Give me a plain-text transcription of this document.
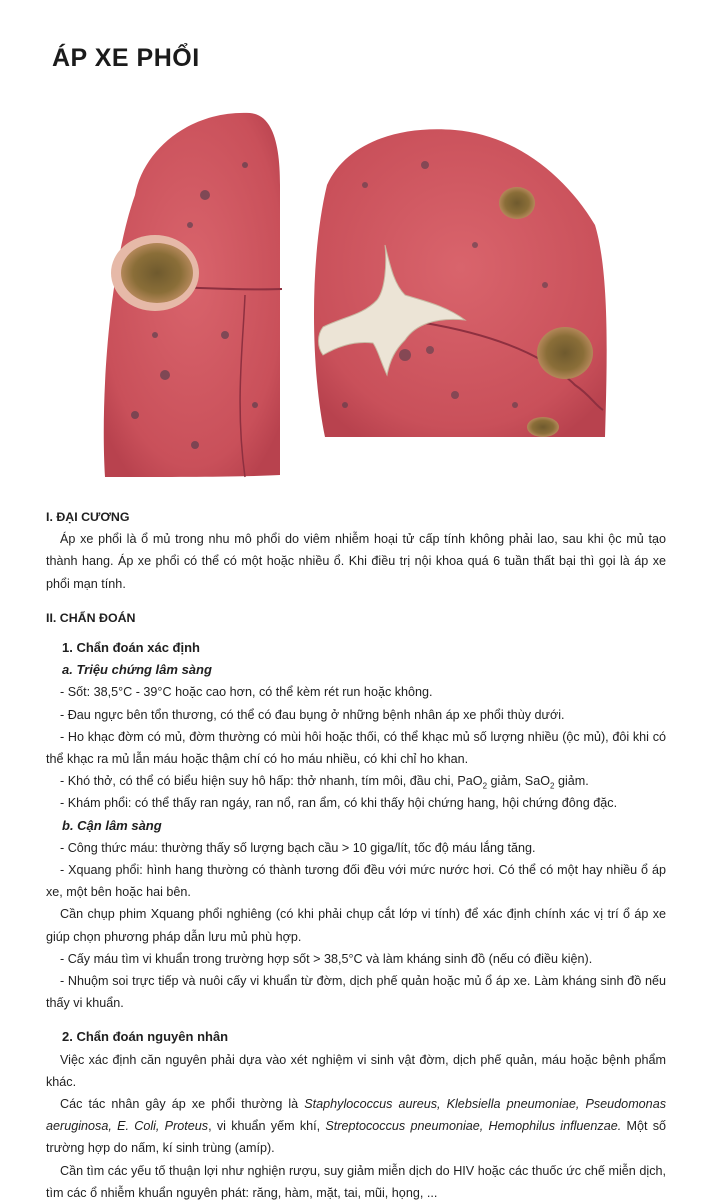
ÁP XE PHỔI

I. ĐẠI CƯƠNG

Áp xe phổi là ổ mủ trong nhu mô phổi do viêm nhiễm hoại tử cấp tính không phải lao, sau khi ộc mủ tạo thành hang. Áp xe phổi có thể có một hoặc nhiều ổ. Khi điều trị nội khoa quá 6 tuần thất bại thì gọi là áp xe phổi mạn tính.

II. CHẨN ĐOÁN

1. Chẩn đoán xác định

a. Triệu chứng lâm sàng

- Sốt: 38,5°C - 39°C hoặc cao hơn, có thể kèm rét run hoặc không.

- Đau ngực bên tổn thương, có thể có đau bụng ở những bệnh nhân áp xe phổi thùy dưới.

- Ho khạc đờm có mủ, đờm thường có mùi hôi hoặc thối, có thể khạc mủ số lượng nhiều (ộc mủ), đôi khi có thể khạc ra mủ lẫn máu hoặc thậm chí có ho máu nhiều, có khi chỉ ho khan.

- Khó thở, có thể có biểu hiện suy hô hấp: thở nhanh, tím môi, đầu chi, PaO$_2$ giảm, SaO$_2$ giảm.

- Khám phổi: có thể thấy ran ngáy, ran nổ, ran ẩm, có khi thấy hội chứng hang, hội chứng đông đặc.

b. Cận lâm sàng

- Công thức máu: thường thấy số lượng bạch cầu > 10 giga/lít, tốc độ máu lắng tăng.

- Xquang phổi: hình hang thường có thành tương đối đều với mức nước hơi. Có thể có một hay nhiều ổ áp xe, một bên hoặc hai bên.

Cần chụp phim Xquang phổi nghiêng (có khi phải chụp cắt lớp vi tính) để xác định chính xác vị trí ổ áp xe giúp chọn phương pháp dẫn lưu mủ phù hợp.

- Cấy máu tìm vi khuẩn trong trường hợp sốt > 38,5°C và làm kháng sinh đồ (nếu có điều kiện).

- Nhuộm soi trực tiếp và nuôi cấy vi khuẩn từ đờm, dịch phế quản hoặc mủ ổ áp xe. Làm kháng sinh đồ nếu thấy vi khuẩn.

2. Chẩn đoán nguyên nhân

Việc xác định căn nguyên phải dựa vào xét nghiệm vi sinh vật đờm, dịch phế quản, máu hoặc bệnh phẩm khác.

Các tác nhân gây áp xe phổi thường là Staphylococcus aureus, Klebsiella pneumoniae, Pseudomonas aeruginosa, E. Coli, Proteus, vi khuẩn yếm khí, Streptococcus pneumoniae, Hemophilus influenzae. Một số trường hợp do nấm, kí sinh trùng (amíp).

Cần tìm các yếu tố thuận lợi như nghiện rượu, suy giảm miễn dịch do HIV hoặc các thuốc ức chế miễn dịch, tìm các ổ nhiễm khuẩn nguyên phát: răng, hàm, mặt, tai, mũi, họng, ...
